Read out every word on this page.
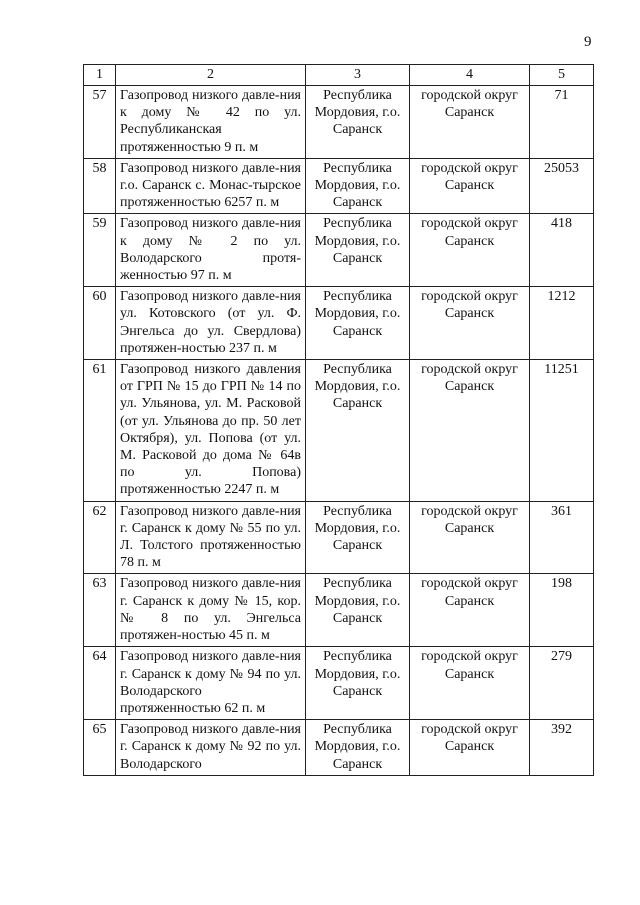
9
1	2	3	4	5
57	Газопровод низкого давле-ния к дому № 42 по ул. Республиканская протяженностью 9 п. м	Республика Мордовия, г.о. Саранск	городской округ Саранск	71
58	Газопровод низкого давле-ния г.о. Саранск с. Монас-тырское протяженностью 6257 п. м	Республика Мордовия, г.о. Саранск	городской округ Саранск	25053
59	Газопровод низкого давле-ния к дому № 2 по ул. Володарского протя-женностью 97 п. м	Республика Мордовия, г.о. Саранск	городской округ Саранск	418
60	Газопровод низкого давле-ния ул. Котовского (от ул. Ф. Энгельса до ул. Свердлова) протяжен-ностью 237 п. м	Республика Мордовия, г.о. Саранск	городской округ Саранск	1212
61	Газопровод низкого давления от ГРП № 15 до ГРП № 14 по ул. Ульянова, ул. М. Расковой (от ул. Ульянова до пр. 50 лет Октября), ул. Попова (от ул. М. Расковой до дома № 64в по ул. Попова) протяженностью 2247 п. м	Республика Мордовия, г.о. Саранск	городской округ Саранск	11251
62	Газопровод низкого давле-ния г. Саранск к дому № 55 по ул. Л. Толстого протяженностью 78 п. м	Республика Мордовия, г.о. Саранск	городской округ Саранск	361
63	Газопровод низкого давле-ния г. Саранск к дому № 15, кор. № 8 по ул. Энгельса протяжен-ностью 45 п. м	Республика Мордовия, г.о. Саранск	городской округ Саранск	198
64	Газопровод низкого давле-ния г. Саранск к дому № 94 по ул. Володарского протяженностью 62 п. м	Республика Мордовия, г.о. Саранск	городской округ Саранск	279
65	Газопровод низкого давле-ния г. Саранск к дому № 92 по ул. Володарского	Республика Мордовия, г.о. Саранск	городской округ Саранск	392
